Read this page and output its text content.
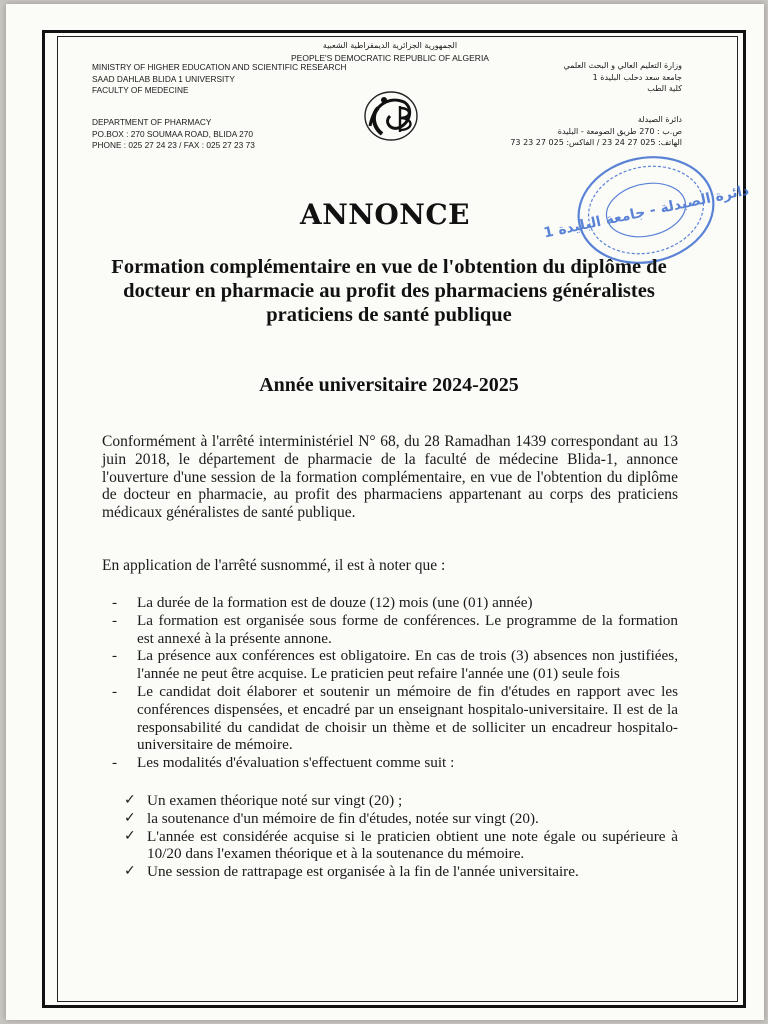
الجمهورية الجزائرية الديمقراطية الشعبية
PEOPLE'S DEMOCRATIC REPUBLIC OF ALGERIA
MINISTRY OF HIGHER EDUCATION AND SCIENTIFIC RESEARCH
SAAD DAHLAB BLIDA 1 UNIVERSITY
FACULTY OF MEDECINE
وزارة التعليم العالي و البحث العلمي
جامعة سعد دحلب البليدة 1
كلية الطب
DEPARTMENT OF PHARMACY
PO.BOX : 270 SOUMAA ROAD, BLIDA 270
PHONE : 025 27 24 23 / FAX : 025 27 23 73
دائرة الصيدلة
ص.ب : 270 طريق الصومعة - البليدة
الهاتف: 025 27 24 23 / الفاكس: 025 27 23 73
دائرة الصيدلة - جامعة البليدة 1
ANNONCE
Formation complémentaire en vue de l'obtention du diplôme de docteur en pharmacie au profit des pharmaciens généralistes praticiens de santé publique
Année universitaire 2024-2025
Conformément à l'arrêté interministériel N° 68, du 28 Ramadhan 1439 correspondant au 13 juin 2018, le département de pharmacie de la faculté de médecine Blida-1, annonce l'ouverture d'une session de la formation complémentaire, en vue de l'obtention du diplôme de docteur en pharmacie, au profit des pharmaciens appartenant au corps des praticiens médicaux généralistes de santé publique.
En application de l'arrêté susnommé, il est à noter que :
- La durée de la formation est de douze (12) mois (une (01) année)
- La formation est organisée sous forme de conférences. Le programme de la formation est annexé à la présente annone.
- La présence aux conférences est obligatoire. En cas de trois (3) absences non justifiées, l'année ne peut être acquise. Le praticien peut refaire l'année une (01) seule fois
- Le candidat doit élaborer et soutenir un mémoire de fin d'études en rapport avec les conférences dispensées, et encadré par un enseignant hospitalo-universitaire. Il est de la responsabilité du candidat de choisir un thème et de solliciter un encadreur hospitalo-universitaire de mémoire.
- Les modalités d'évaluation s'effectuent comme suit :
✓ Un examen théorique noté sur vingt (20) ;
✓ la soutenance d'un mémoire de fin d'études, notée sur vingt (20).
✓ L'année est considérée acquise si le praticien obtient une note égale ou supérieure à 10/20 dans l'examen théorique et à la soutenance du mémoire.
✓ Une session de rattrapage est organisée à la fin de l'année universitaire.
